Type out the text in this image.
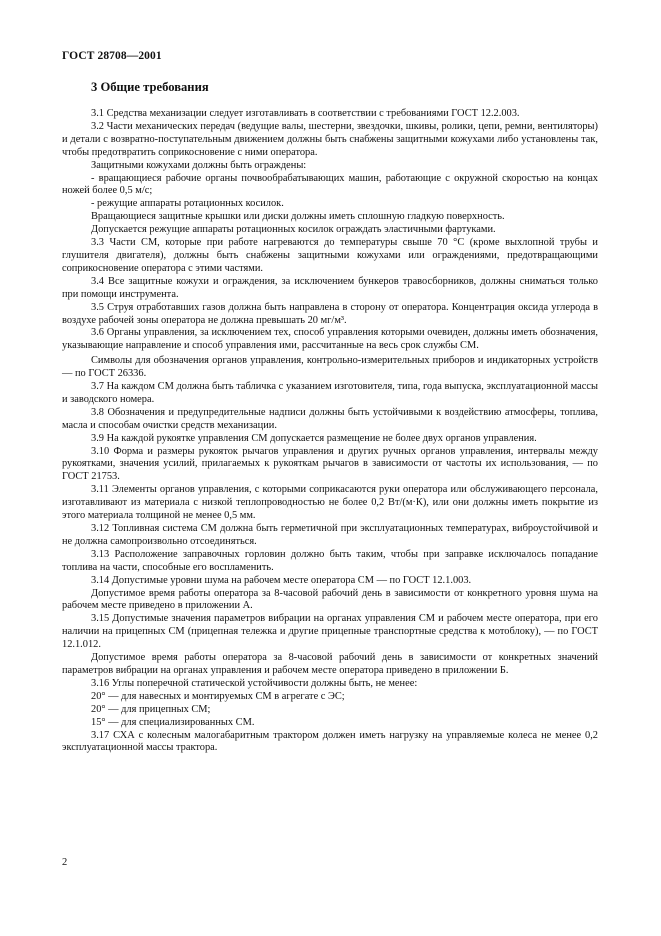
ГОСТ 28708—2001
3 Общие требования

3.1 Средства механизации следует изготавливать в соответствии с требованиями ГОСТ 12.2.003.

3.2 Части механических передач (ведущие валы, шестерни, звездочки, шкивы, ролики, цепи, ремни, вентиляторы) и детали с возвратно-поступательным движением должны быть снабжены защитными кожухами либо установлены так, чтобы предотвратить соприкосновение с ними оператора.

Защитными кожухами должны быть ограждены:

- вращающиеся рабочие органы почвообрабатывающих машин, работающие с окружной скоростью на концах ножей более 0,5 м/с;

- режущие аппараты ротационных косилок.

Вращающиеся защитные крышки или диски должны иметь сплошную гладкую поверхность.

Допускается режущие аппараты ротационных косилок ограждать эластичными фартуками.

3.3 Части СМ, которые при работе нагреваются до температуры свыше 70 °С (кроме выхлопной трубы и глушителя двигателя), должны быть снабжены защитными кожухами или ограждениями, предотвращающими соприкосновение оператора с этими частями.

3.4 Все защитные кожухи и ограждения, за исключением бункеров травосборников, должны сниматься только при помощи инструмента.

3.5 Струя отработавших газов должна быть направлена в сторону от оператора. Концентрация оксида углерода в воздухе рабочей зоны оператора не должна превышать 20 мг/м³.

3.6 Органы управления, за исключением тех, способ управления которыми очевиден, должны иметь обозначения, указывающие направление и способ управления ими, рассчитанные на весь срок службы СМ.

Символы для обозначения органов управления, контрольно-измерительных приборов и индикаторных устройств — по ГОСТ 26336.

3.7 На каждом СМ должна быть табличка с указанием изготовителя, типа, года выпуска, эксплуатационной массы и заводского номера.

3.8 Обозначения и предупредительные надписи должны быть устойчивыми к воздействию атмосферы, топлива, масла и способам очистки средств механизации.

3.9 На каждой рукоятке управления СМ допускается размещение не более двух органов управления.

3.10 Форма и размеры рукояток рычагов управления и других ручных органов управления, интервалы между рукоятками, значения усилий, прилагаемых к рукояткам рычагов в зависимости от частоты их использования, — по ГОСТ 21753.

3.11 Элементы органов управления, с которыми соприкасаются руки оператора или обслуживающего персонала, изготавливают из материала с низкой теплопроводностью не более 0,2 Вт/(м·К), или они должны иметь покрытие из этого материала толщиной не менее 0,5 мм.

3.12 Топливная система СМ должна быть герметичной при эксплуатационных температурах, виброустойчивой и не должна самопроизвольно отсоединяться.

3.13 Расположение заправочных горловин должно быть таким, чтобы при заправке исключалось попадание топлива на части, способные его воспламенить.

3.14 Допустимые уровни шума на рабочем месте оператора СМ — по ГОСТ 12.1.003.

Допустимое время работы оператора за 8-часовой рабочий день в зависимости от конкретного уровня шума на рабочем месте приведено в приложении А.

3.15 Допустимые значения параметров вибрации на органах управления СМ и рабочем месте оператора, при его наличии на прицепных СМ (прицепная тележка и другие прицепные транспортные средства к мотоблоку), — по ГОСТ 12.1.012.

Допустимое время работы оператора за 8-часовой рабочий день в зависимости от конкретных значений параметров вибрации на органах управления и рабочем месте оператора приведено в приложении Б.

3.16 Углы поперечной статической устойчивости должны быть, не менее:

20° — для навесных и монтируемых СМ в агрегате с ЭС;

20° — для прицепных СМ;

15° — для специализированных СМ.

3.17 СХА с колесным малогабаритным трактором должен иметь нагрузку на управляемые колеса не менее 0,2 эксплуатационной массы трактора.

2
